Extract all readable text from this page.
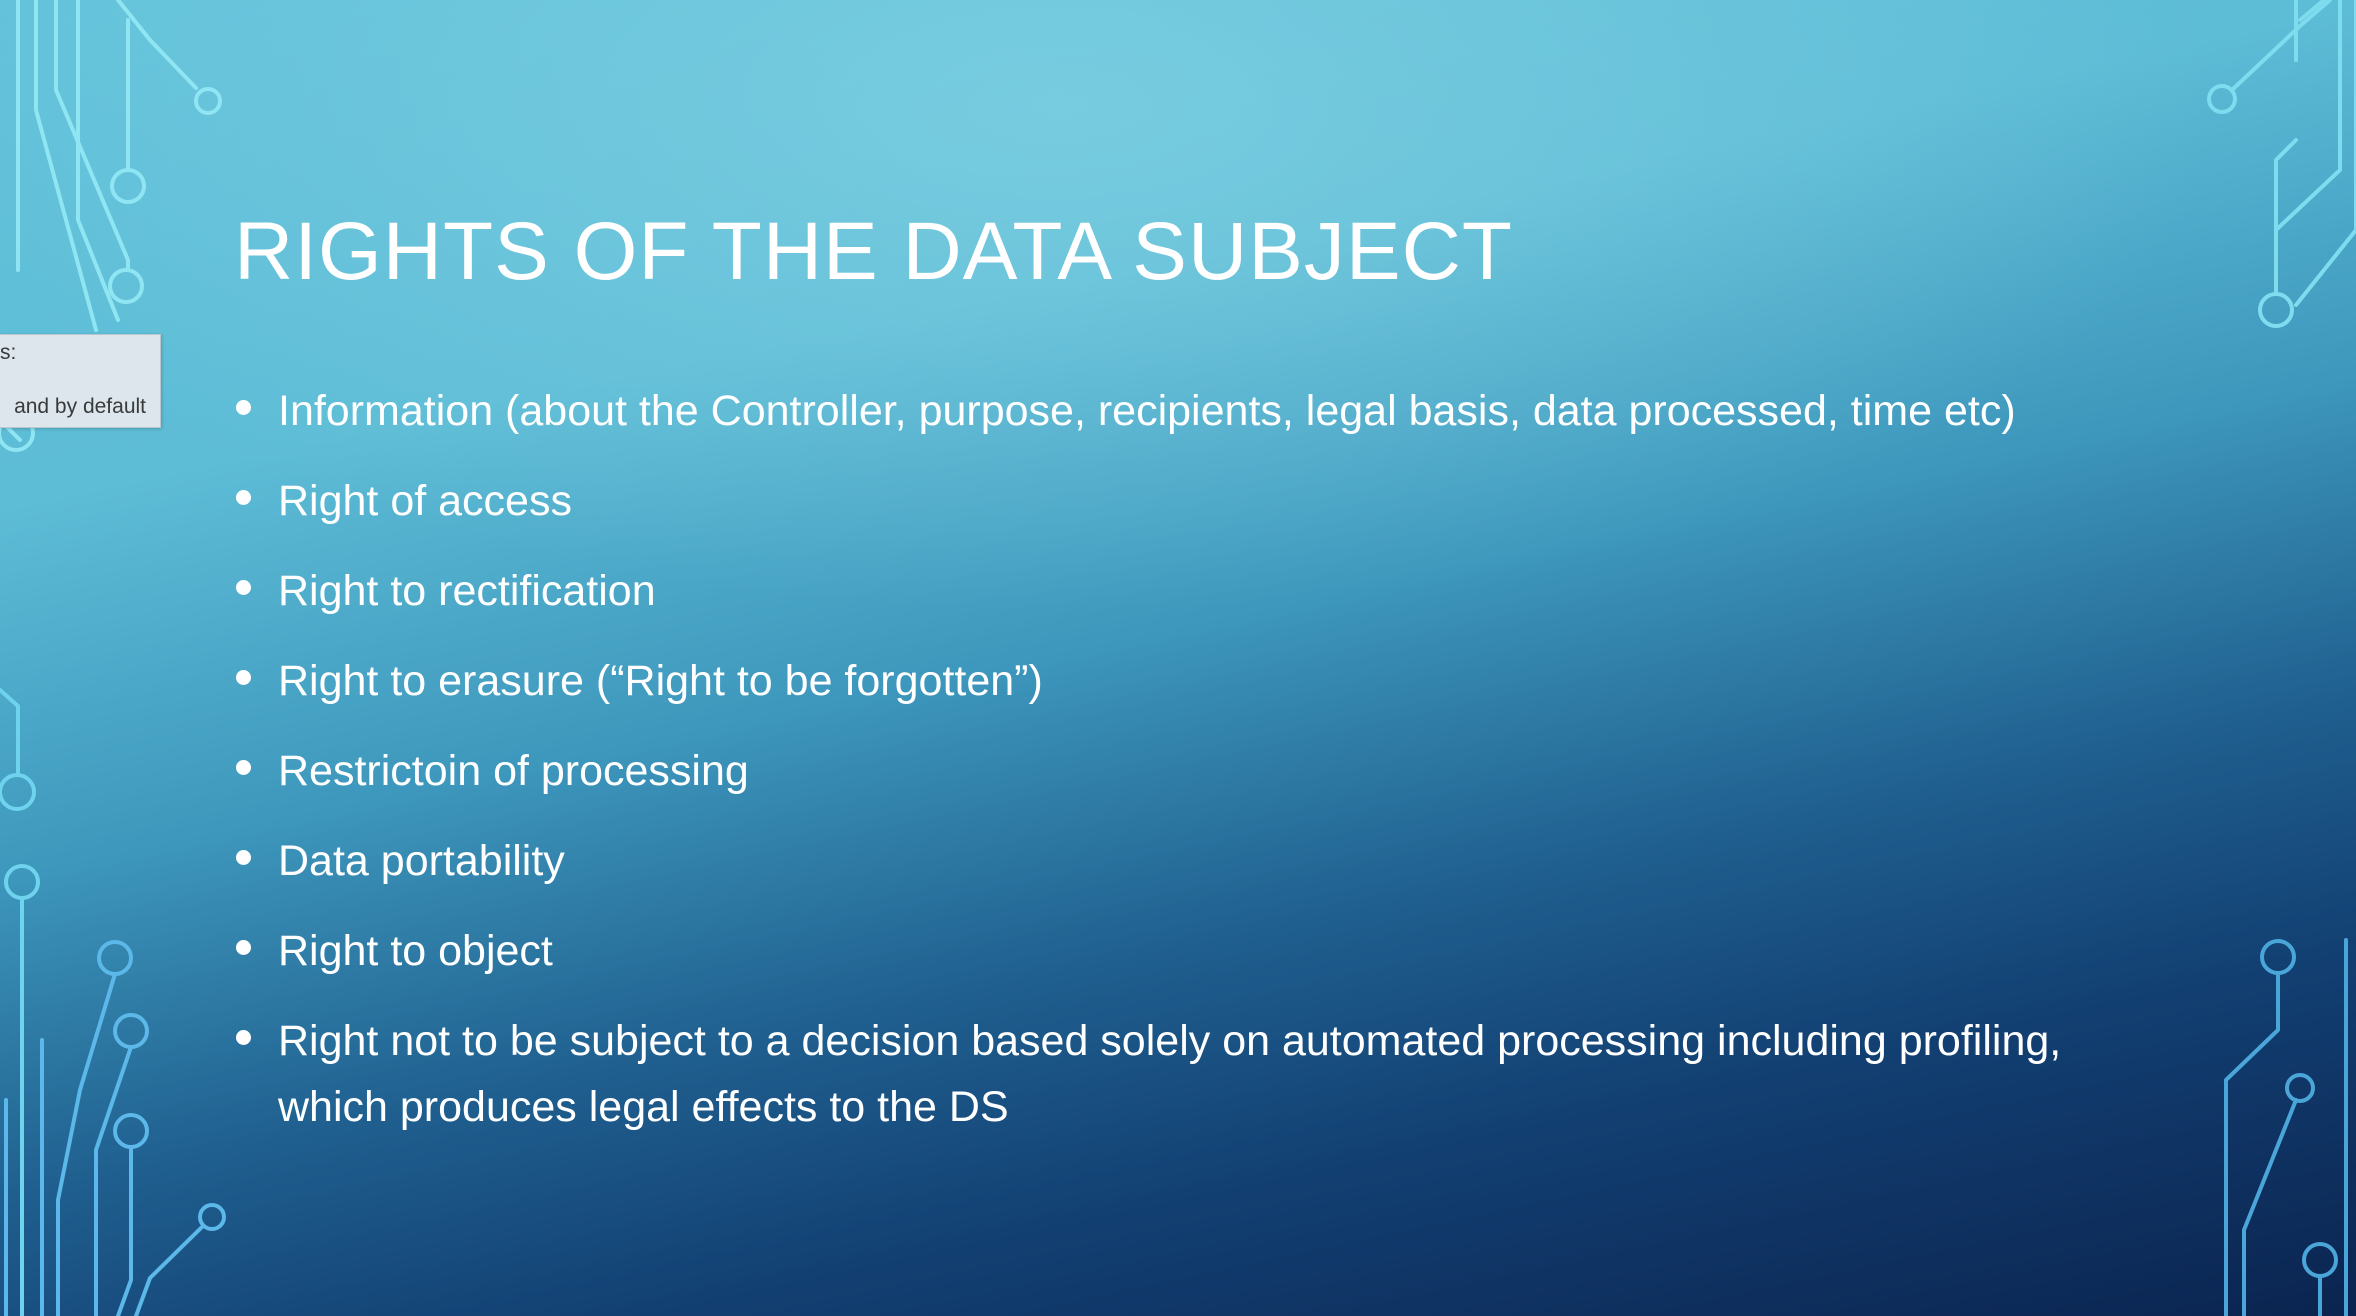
s:
and by default
RIGHTS OF THE DATA SUBJECT
Information (about the Controller, purpose, recipients, legal basis, data processed, time etc)
Right of access
Right to rectification
Right to erasure (“Right to be forgotten”)
Restrictoin of processing
Data portability
Right to object
Right not to be subject to a decision based solely on automated processing including profiling, which produces legal effects to the DS
